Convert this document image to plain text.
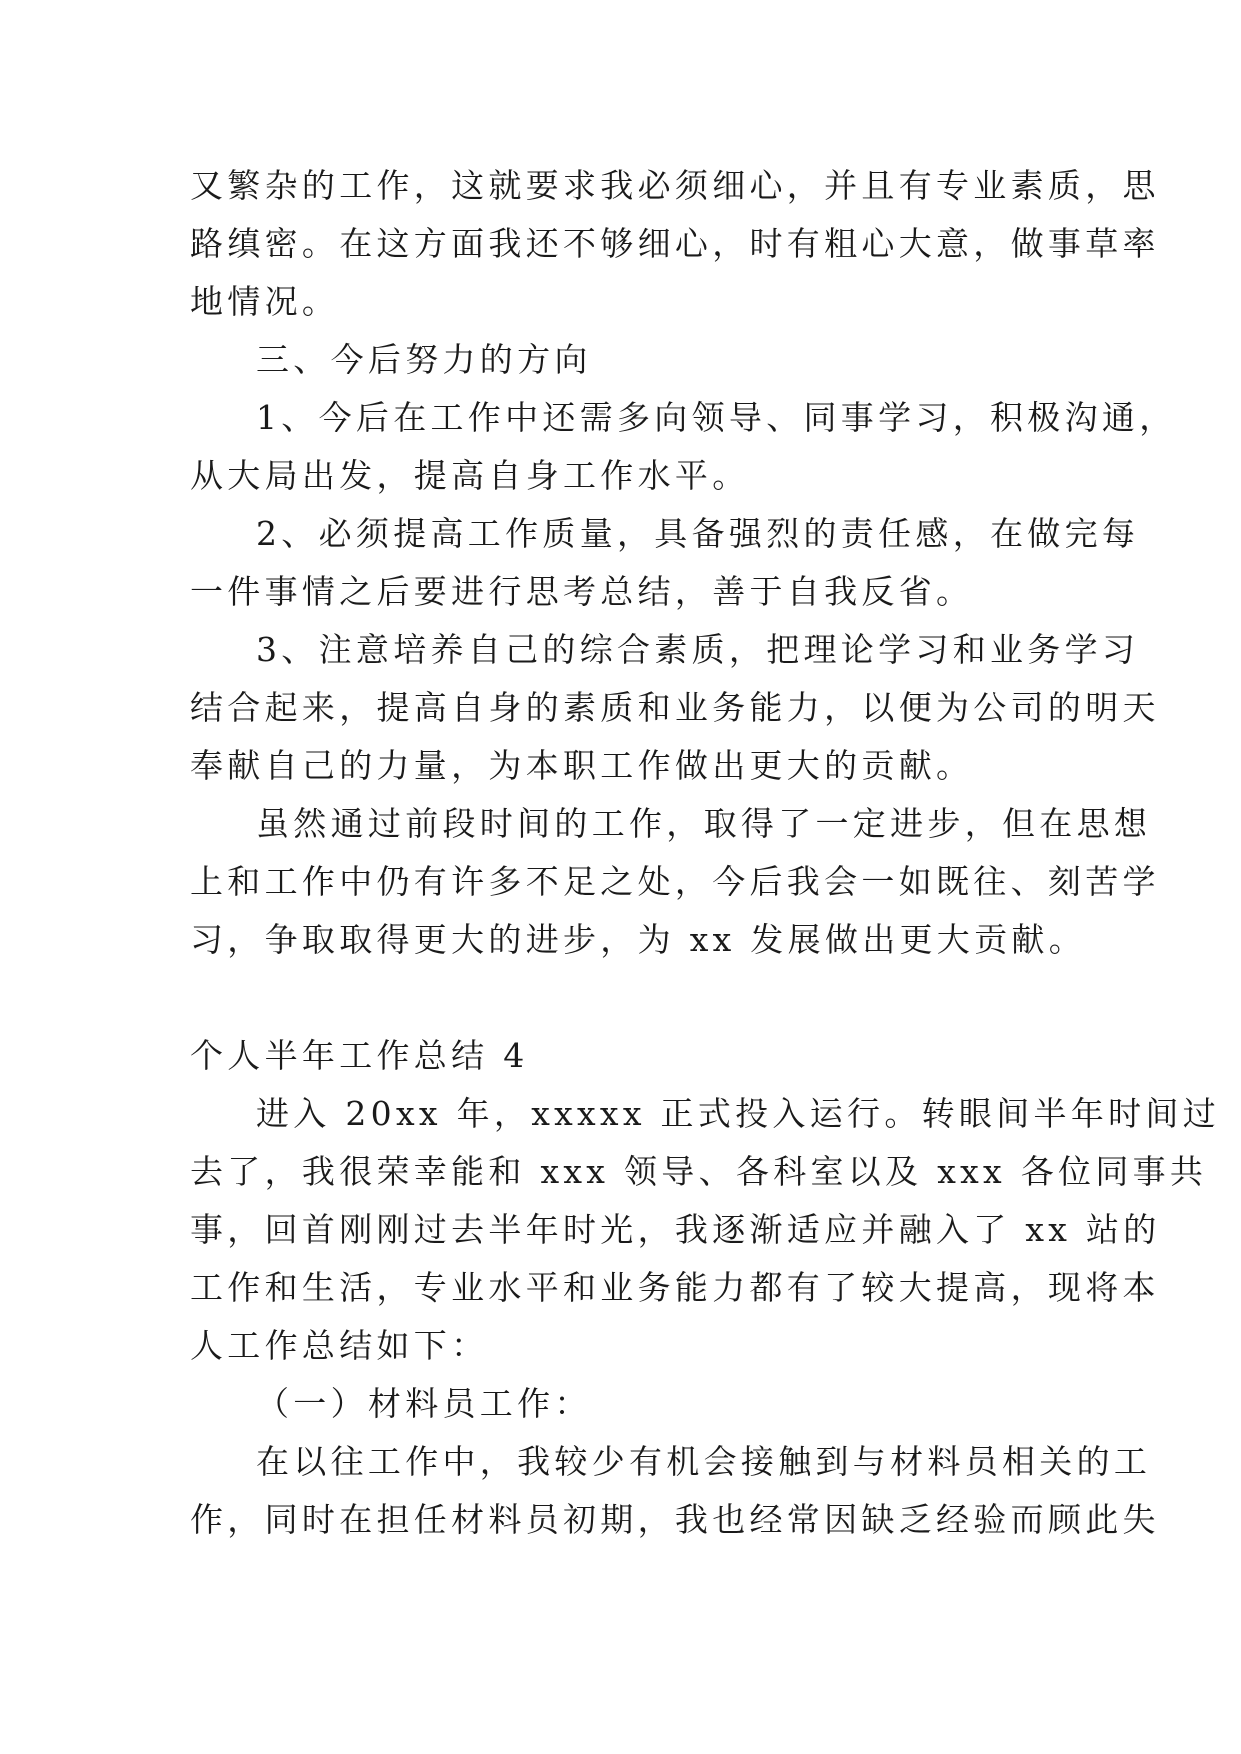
又繁杂的工作，这就要求我必须细心，并且有专业素质，思
路缜密。在这方面我还不够细心，时有粗心大意，做事草率
地情况。
三、今后努力的方向
1、今后在工作中还需多向领导、同事学习，积极沟通，
从大局出发，提高自身工作水平。
2、必须提高工作质量，具备强烈的责任感，在做完每
一件事情之后要进行思考总结，善于自我反省。
3、注意培养自己的综合素质，把理论学习和业务学习
结合起来，提高自身的素质和业务能力，以便为公司的明天
奉献自己的力量，为本职工作做出更大的贡献。
虽然通过前段时间的工作，取得了一定进步，但在思想
上和工作中仍有许多不足之处，今后我会一如既往、刻苦学
习，争取取得更大的进步，为 xx 发展做出更大贡献。
个人半年工作总结 4
进入 20xx 年，xxxxx 正式投入运行。转眼间半年时间过
去了，我很荣幸能和 xxx 领导、各科室以及 xxx 各位同事共
事，回首刚刚过去半年时光，我逐渐适应并融入了 xx 站的
工作和生活，专业水平和业务能力都有了较大提高，现将本
人工作总结如下：
（一）材料员工作：
在以往工作中，我较少有机会接触到与材料员相关的工
作，同时在担任材料员初期，我也经常因缺乏经验而顾此失
